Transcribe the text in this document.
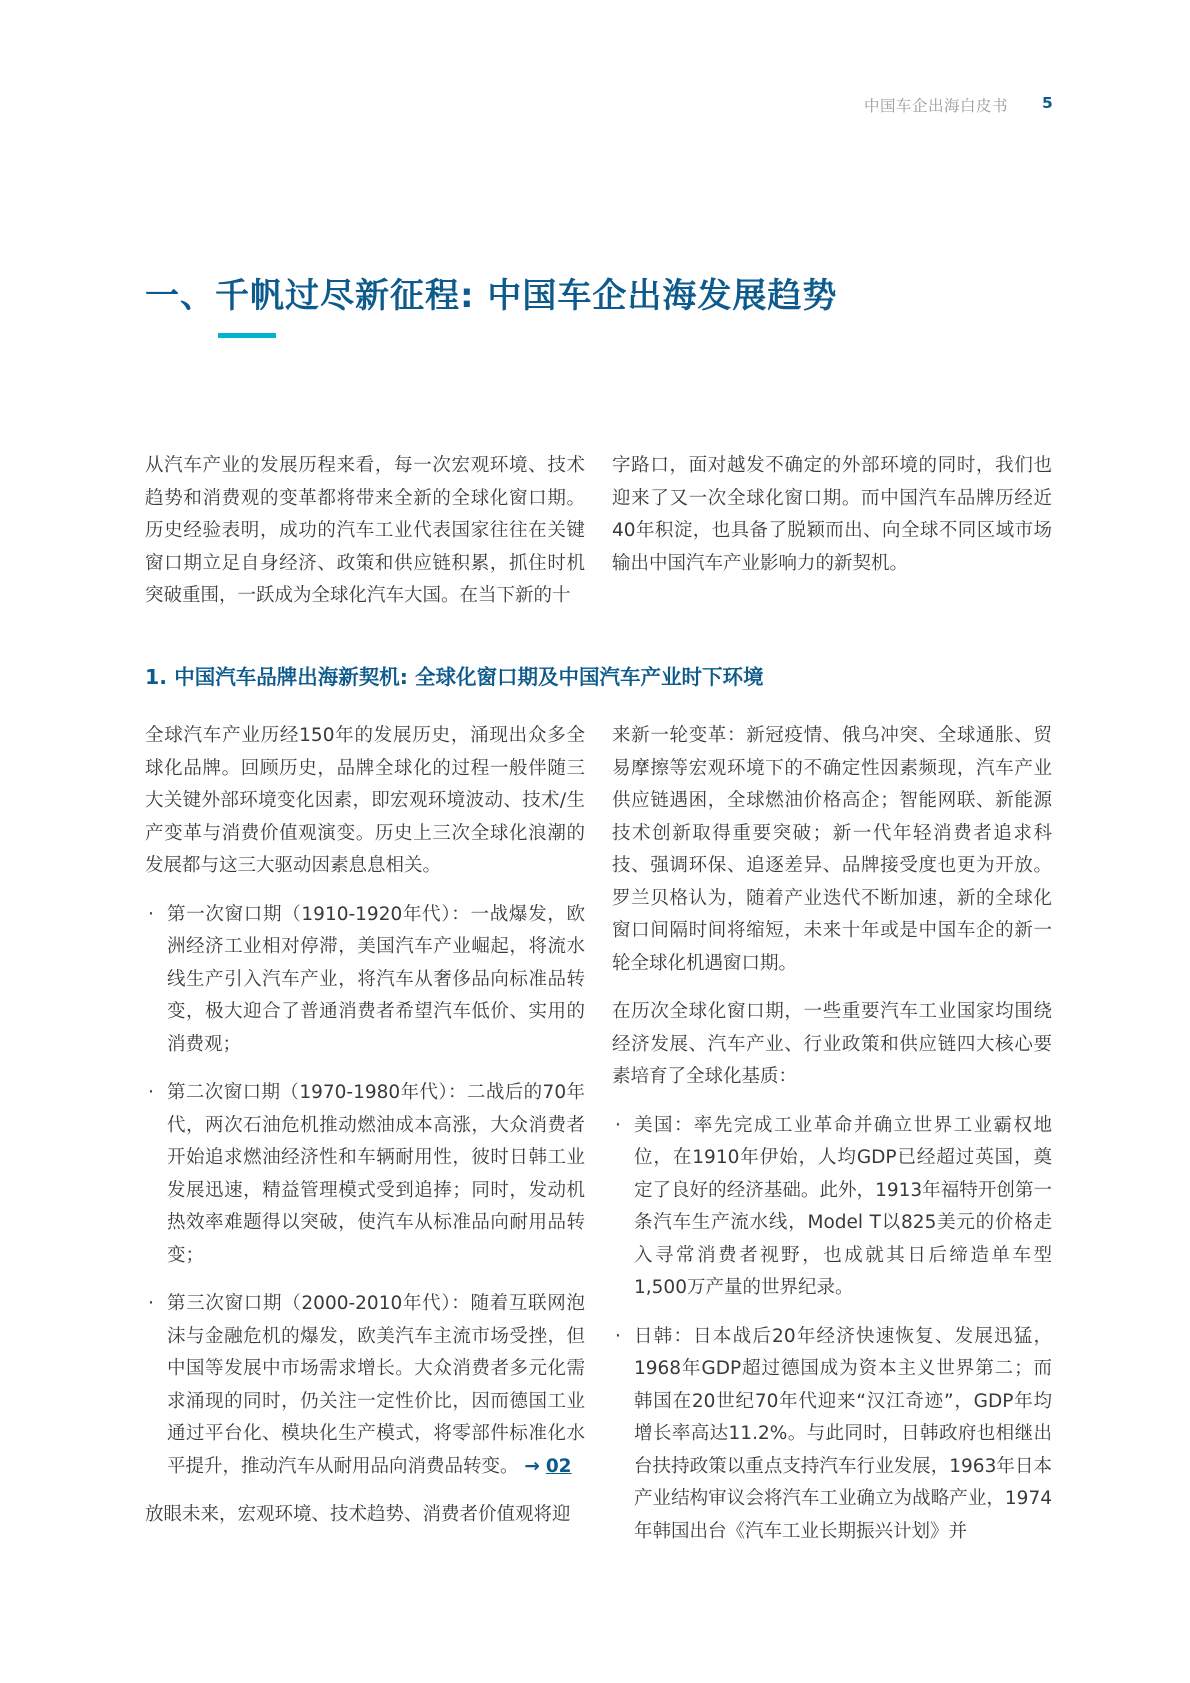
中国车企出海白皮书 5
一、千帆过尽新征程: 中国车企出海发展趋势

从汽车产业的发展历程来看，每一次宏观环境、技术趋势和消费观的变革都将带来全新的全球化窗口期。历史经验表明，成功的汽车工业代表国家往往在关键窗口期立足自身经济、政策和供应链积累，抓住时机突破重围，一跃成为全球化汽车大国。在当下新的十

字路口，面对越发不确定的外部环境的同时，我们也迎来了又一次全球化窗口期。而中国汽车品牌历经近40年积淀，也具备了脱颖而出、向全球不同区域市场输出中国汽车产业影响力的新契机。

1. 中国汽车品牌出海新契机: 全球化窗口期及中国汽车产业时下环境

全球汽车产业历经150年的发展历史，涌现出众多全球化品牌。回顾历史，品牌全球化的过程一般伴随三大关键外部环境变化因素，即宏观环境波动、技术/生产变革与消费价值观演变。历史上三次全球化浪潮的发展都与这三大驱动因素息息相关。

· 第一次窗口期（1910-1920年代）：一战爆发，欧洲经济工业相对停滞，美国汽车产业崛起，将流水线生产引入汽车产业，将汽车从奢侈品向标准品转变，极大迎合了普通消费者希望汽车低价、实用的消费观；

· 第二次窗口期（1970-1980年代）：二战后的70年代，两次石油危机推动燃油成本高涨，大众消费者开始追求燃油经济性和车辆耐用性，彼时日韩工业发展迅速，精益管理模式受到追捧；同时，发动机热效率难题得以突破，使汽车从标准品向耐用品转变；

· 第三次窗口期（2000-2010年代）：随着互联网泡沫与金融危机的爆发，欧美汽车主流市场受挫，但中国等发展中市场需求增长。大众消费者多元化需求涌现的同时，仍关注一定性价比，因而德国工业通过平台化、模块化生产模式，将零部件标准化水平提升，推动汽车从耐用品向消费品转变。 → 02

放眼未来，宏观环境、技术趋势、消费者价值观将迎

来新一轮变革：新冠疫情、俄乌冲突、全球通胀、贸易摩擦等宏观环境下的不确定性因素频现，汽车产业供应链遇困，全球燃油价格高企；智能网联、新能源技术创新取得重要突破；新一代年轻消费者追求科技、强调环保、追逐差异、品牌接受度也更为开放。罗兰贝格认为，随着产业迭代不断加速，新的全球化窗口间隔时间将缩短，未来十年或是中国车企的新一轮全球化机遇窗口期。

在历次全球化窗口期，一些重要汽车工业国家均围绕经济发展、汽车产业、行业政策和供应链四大核心要素培育了全球化基质：

· 美国：率先完成工业革命并确立世界工业霸权地位，在1910年伊始，人均GDP已经超过英国，奠定了良好的经济基础。此外，1913年福特开创第一条汽车生产流水线，Model T以825美元的价格走入寻常消费者视野，也成就其日后缔造单车型1,500万产量的世界纪录。

· 日韩：日本战后20年经济快速恢复、发展迅猛，1968年GDP超过德国成为资本主义世界第二；而韩国在20世纪70年代迎来“汉江奇迹”，GDP年均增长率高达11.2%。与此同时，日韩政府也相继出台扶持政策以重点支持汽车行业发展，1963年日本产业结构审议会将汽车工业确立为战略产业，1974 年韩国出台《汽车工业长期振兴计划》并
